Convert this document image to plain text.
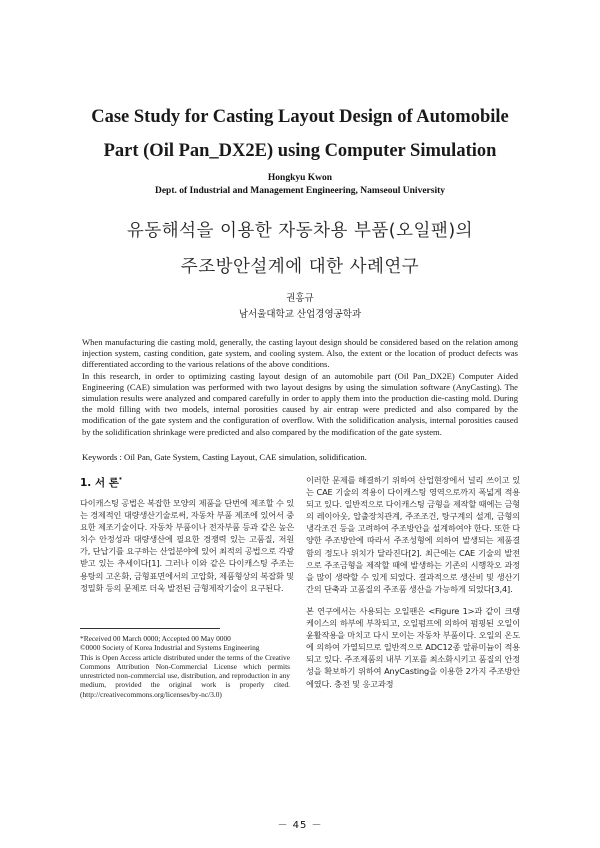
Case Study for Casting Layout Design of Automobile
Part (Oil Pan_DX2E) using Computer Simulation
Hongkyu Kwon
Dept. of Industrial and Management Engineering, Namseoul University
유동해석을 이용한 자동차용 부품(오일팬)의
주조방안설계에 대한 사례연구
권홍규
남서울대학교 산업경영공학과

When manufacturing die casting mold, generally, the casting layout design should be considered based on the relation among injection system, casting condition, gate system, and cooling system. Also, the extent or the location of product defects was differentiated according to the various relations of the above conditions.

In this research, in order to optimizing casting layout design of an automobile part (Oil Pan_DX2E) Computer Aided Engineering (CAE) simulation was performed with two layout designs by using the simulation software (AnyCasting). The simulation results were analyzed and compared carefully in order to apply them into the production die-casting mold. During the mold filling with two models, internal porosities caused by air entrap were predicted and also compared by the modification of the gate system and the configuration of overflow. With the solidification analysis, internal porosities caused by the solidification shrinkage were predicted and also compared by the modification of the gate system.

Keywords : Oil Pan, Gate System, Casting Layout, CAE simulation, solidification.
1. 서 론*

다이캐스팅 공법은 복잡한 모양의 제품을 단번에 제조할 수 있는 경제적인 대량생산기술로써, 자동차 부품 제조에 있어서 중요한 제조기술이다. 자동차 부품이나 전자부품 등과 같은 높은 치수 안정성과 대량생산에 필요한 경쟁력 있는 고품질, 저원가, 단납기를 요구하는 산업분야에 있어 최적의 공법으로 각광받고 있는 추세이다[1]. 그러나 이와 같은 다이캐스팅 주조는 용탕의 고온화, 금형표면에서의 고압화, 제품형상의 복잡화 및 정밀화 등의 문제로 더욱 발전된 금형제작기술이 요구된다.

*Received 00 March 0000; Accepted 00 May 0000

©0000 Society of Korea Industrial and Systems Engineering

This is Open Access article distributed under the terms of the Creative Commons Attribution Non-Commercial License which permits unrestricted non-commercial use, distribution, and reproduction in any medium, provided the original work is properly cited. (http://creativecommons.org/licenses/by-nc/3.0)

이러한 문제를 해결하기 위하여 산업현장에서 널리 쓰이고 있는 CAE 기술의 적용이 다이캐스팅 영역으로까지 폭넓게 적용되고 있다. 일반적으로 다이캐스팅 금형을 제작할 때에는 금형의 레이아웃, 압출장치관계, 주조조건, 탕구계의 설계, 금형의 냉각조건 등을 고려하여 주조방안을 설계하여야 한다. 또한 다양한 주조방안에 따라서 주조성형에 의하여 발생되는 제품결함의 정도나 위치가 달라진다[2]. 최근에는 CAE 기술의 발전으로 주조금형을 제작할 때에 발생하는 기존의 시행착오 과정을 많이 생략할 수 있게 되었다. 결과적으로 생산비 및 생산기간의 단축과 고품질의 주조품 생산을 가능하게 되었다[3,4].

본 연구에서는 사용되는 오일팬은 <Figure 1>과 같이 크랭케이스의 하부에 부착되고, 오일펌프에 의하여 펌핑된 오일이 윤활작용을 마치고 다시 모이는 자동차 부품이다. 오일의 온도에 의하여 가열되므로 일반적으로 ADC12종 알류미늄이 적용되고 있다. 주조제품의 내부 기포를 최소화시키고 품질의 안정성을 확보하기 위하여 AnyCasting을 이용한 2가지 주조방안에였다. 충전 및 응고과정

－ 45 －
